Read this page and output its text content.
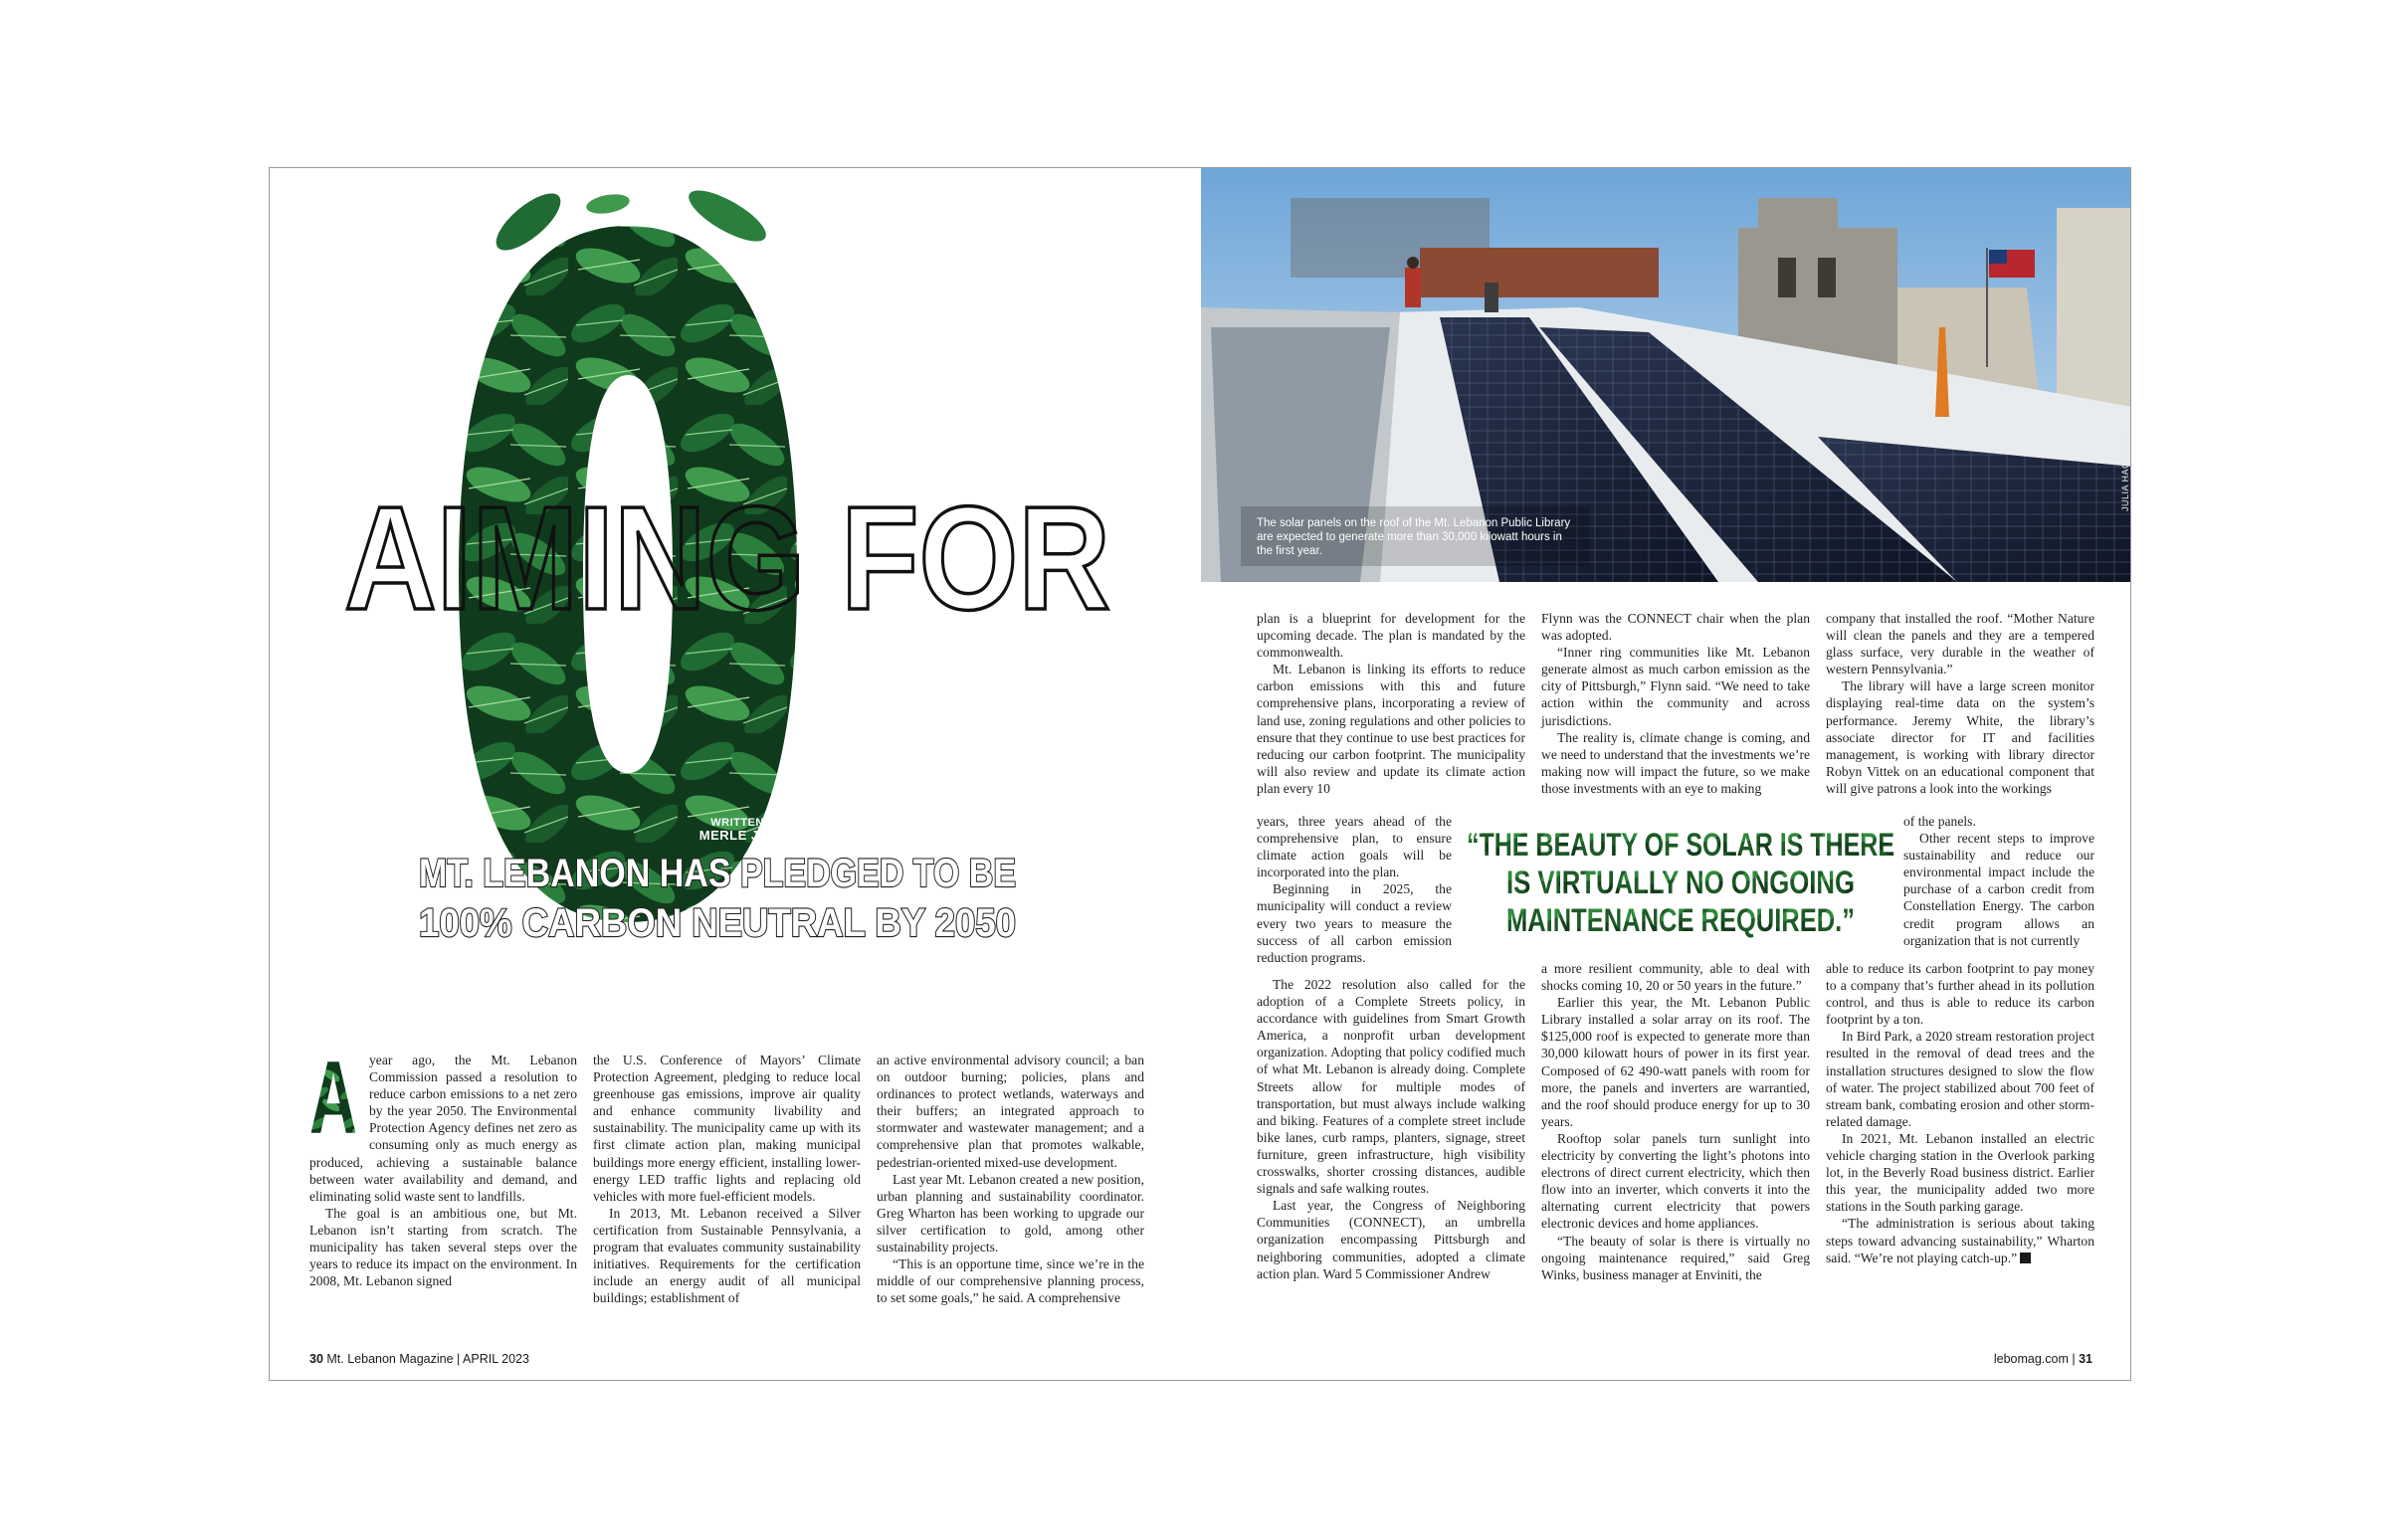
AIMING FOR
WRITTEN BY
MERLE JANTZ
MT. LEBANON HAS PLEDGED TO BE
100% CARBON NEUTRAL BY 2050
A year ago, the Mt. Lebanon Commission passed a resolution to reduce carbon emissions to a net zero by the year 2050. The Environmental Protection Agency defines net zero as consuming only as much energy as produced, achieving a sustainable balance between water availability and demand, and eliminating solid waste sent to landfills.

The goal is an ambitious one, but Mt. Lebanon isn’t starting from scratch. The municipality has taken several steps over the years to reduce its impact on the environment. In 2008, Mt. Lebanon signed

the U.S. Conference of Mayors’ Climate Protection Agreement, pledging to reduce local greenhouse gas emissions, improve air quality and enhance community livability and sustainability. The municipality came up with its first climate action plan, making municipal buildings more energy efficient, installing lower-energy LED traffic lights and replacing old vehicles with more fuel-efficient models.

In 2013, Mt. Lebanon received a Silver certification from Sustainable Pennsylvania, a program that evaluates community sustainability initiatives. Requirements for the certification include an energy audit of all municipal buildings; establishment of

an active environmental advisory council; a ban on outdoor burning; policies, plans and ordinances to protect wetlands, waterways and their buffers; an integrated approach to stormwater and wastewater management; and a comprehensive plan that promotes walkable, pedestrian-oriented mixed-use development.

Last year Mt. Lebanon created a new position, urban planning and sustainability coordinator. Greg Wharton has been working to upgrade our silver certification to gold, among other sustainability projects.

“This is an opportune time, since we’re in the middle of our comprehensive planning process, to set some goals,” he said. A comprehensive

30 Mt. Lebanon Magazine | APRIL 2023
The solar panels on the roof of the Mt. Lebanon Public Library are expected to generate more than 30,000 kilowatt hours in the first year.
JULIA HACKLEY

plan is a blueprint for development for the upcoming decade. The plan is mandated by the commonwealth.

Mt. Lebanon is linking its efforts to reduce carbon emissions with this and future comprehensive plans, incorporating a review of land use, zoning regulations and other policies to ensure that they continue to use best practices for reducing our carbon footprint. The municipality will also review and update its climate action plan every 10

years, three years ahead of the comprehensive plan, to ensure climate action goals will be incorporated into the plan.

Beginning in 2025, the municipality will conduct a review every two years to measure the success of all carbon emission reduction programs.

The 2022 resolution also called for the adoption of a Complete Streets policy, in accordance with guidelines from Smart Growth America, a nonprofit urban development organization. Adopting that policy codified much of what Mt. Lebanon is already doing. Complete Streets allow for multiple modes of transportation, but must always include walking and biking. Features of a complete street include bike lanes, curb ramps, planters, signage, street furniture, green infrastructure, high visibility crosswalks, shorter crossing distances, audible signals and safe walking routes.

Last year, the Congress of Neighboring Communities (CONNECT), an umbrella organization encompassing Pittsburgh and neighboring communities, adopted a climate action plan. Ward 5 Commissioner Andrew

Flynn was the CONNECT chair when the plan was adopted.

“Inner ring communities like Mt. Lebanon generate almost as much carbon emission as the city of Pittsburgh,” Flynn said. “We need to take action within the community and across jurisdictions.

The reality is, climate change is coming, and we need to understand that the investments we’re making now will impact the future, so we make those investments with an eye to making

a more resilient community, able to deal with shocks coming 10, 20 or 50 years in the future.”

Earlier this year, the Mt. Lebanon Public Library installed a solar array on its roof. The $125,000 roof is expected to generate more than 30,000 kilowatt hours of power in its first year. Composed of 62 490-watt panels with room for more, the panels and inverters are warrantied, and the roof should produce energy for up to 30 years.

Rooftop solar panels turn sunlight into electricity by converting the light’s photons into electrons of direct current electricity, which then flow into an inverter, which converts it into the alternating current electricity that powers electronic devices and home appliances.

“The beauty of solar is there is virtually no ongoing maintenance required,” said Greg Winks, business manager at Enviniti, the

company that installed the roof. “Mother Nature will clean the panels and they are a tempered glass surface, very durable in the weather of western Pennsylvania.”

The library will have a large screen monitor displaying real-time data on the system’s performance. Jeremy White, the library’s associate director for IT and facilities management, is working with library director Robyn Vittek on an educational component that will give patrons a look into the workings

of the panels.

Other recent steps to improve sustainability and reduce our environmental impact include the purchase of a carbon credit from Constellation Energy. The carbon credit program allows an organization that is not currently

able to reduce its carbon footprint to pay money to a company that’s further ahead in its pollution control, and thus is able to reduce its carbon footprint by a ton.

In Bird Park, a 2020 stream restoration project resulted in the removal of dead trees and the installation structures designed to slow the flow of water. The project stabilized about 700 feet of stream bank, combating erosion and other storm-related damage.

In 2021, Mt. Lebanon installed an electric vehicle charging station in the Overlook parking lot, in the Beverly Road business district. Earlier this year, the municipality added two more stations in the South parking garage.

“The administration is serious about taking steps toward advancing sustainability,” Wharton said. “We’re not playing catch-up.”

“THE BEAUTY OF SOLAR IS THERE
IS VIRTUALLY NO ONGOING
MAINTENANCE REQUIRED.”
lebomag.com | 31
